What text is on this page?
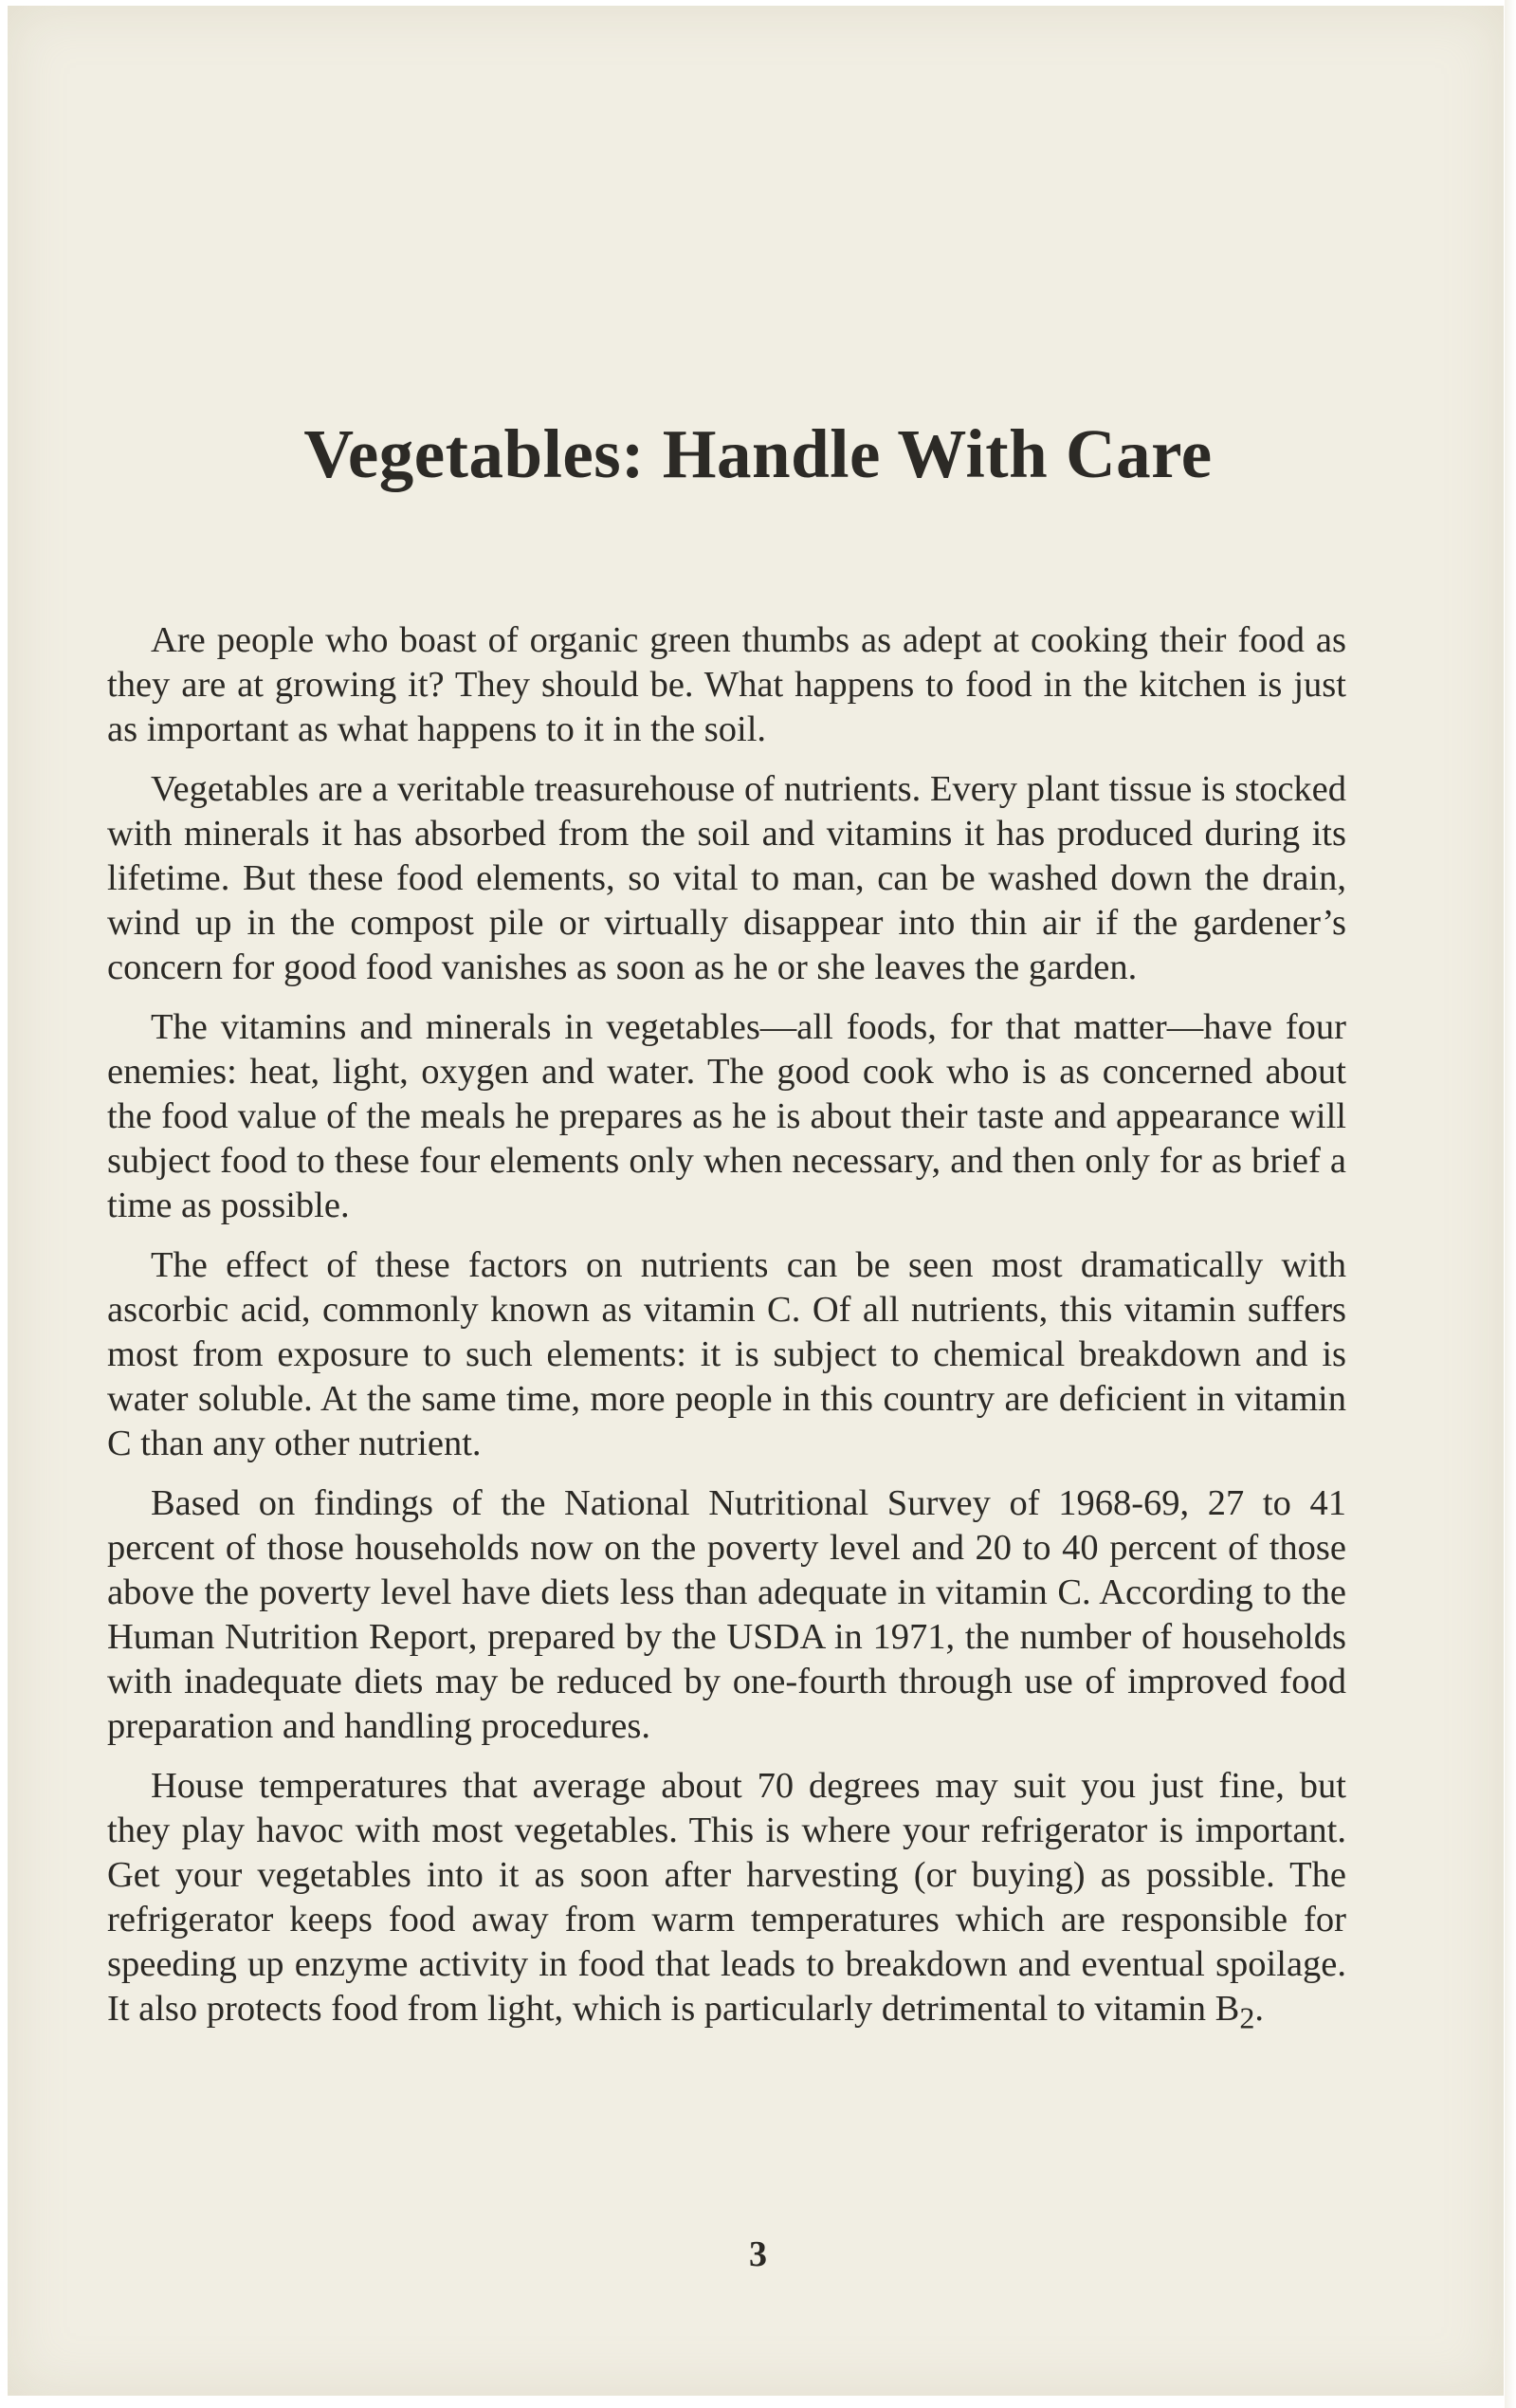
Vegetables: Handle With Care

Are people who boast of organic green thumbs as adept at cooking their food as they are at growing it? They should be. What happens to food in the kitchen is just as important as what happens to it in the soil.

Vegetables are a veritable treasurehouse of nutrients. Every plant tissue is stocked with minerals it has absorbed from the soil and vitamins it has produced during its lifetime. But these food elements, so vital to man, can be washed down the drain, wind up in the compost pile or virtually disappear into thin air if the gardener’s concern for good food vanishes as soon as he or she leaves the garden.

The vitamins and minerals in vegetables—all foods, for that matter—have four enemies: heat, light, oxygen and water. The good cook who is as concerned about the food value of the meals he prepares as he is about their taste and appearance will subject food to these four elements only when necessary, and then only for as brief a time as possible.

The effect of these factors on nutrients can be seen most dramatically with ascorbic acid, commonly known as vitamin C. Of all nutrients, this vitamin suffers most from exposure to such elements: it is subject to chemical breakdown and is water soluble. At the same time, more people in this country are deficient in vitamin C than any other nutrient.

Based on findings of the National Nutritional Survey of 1968-69, 27 to 41 percent of those households now on the poverty level and 20 to 40 percent of those above the poverty level have diets less than adequate in vitamin C. According to the Human Nutrition Report, prepared by the USDA in 1971, the number of households with inadequate diets may be reduced by one-fourth through use of improved food preparation and handling procedures.

House temperatures that average about 70 degrees may suit you just fine, but they play havoc with most vegetables. This is where your refrigerator is important. Get your vegetables into it as soon after harvesting (or buying) as possible. The refrigerator keeps food away from warm temperatures which are responsible for speeding up enzyme activity in food that leads to breakdown and eventual spoilage. It also protects food from light, which is particularly detrimental to vitamin $B_2$.

3
